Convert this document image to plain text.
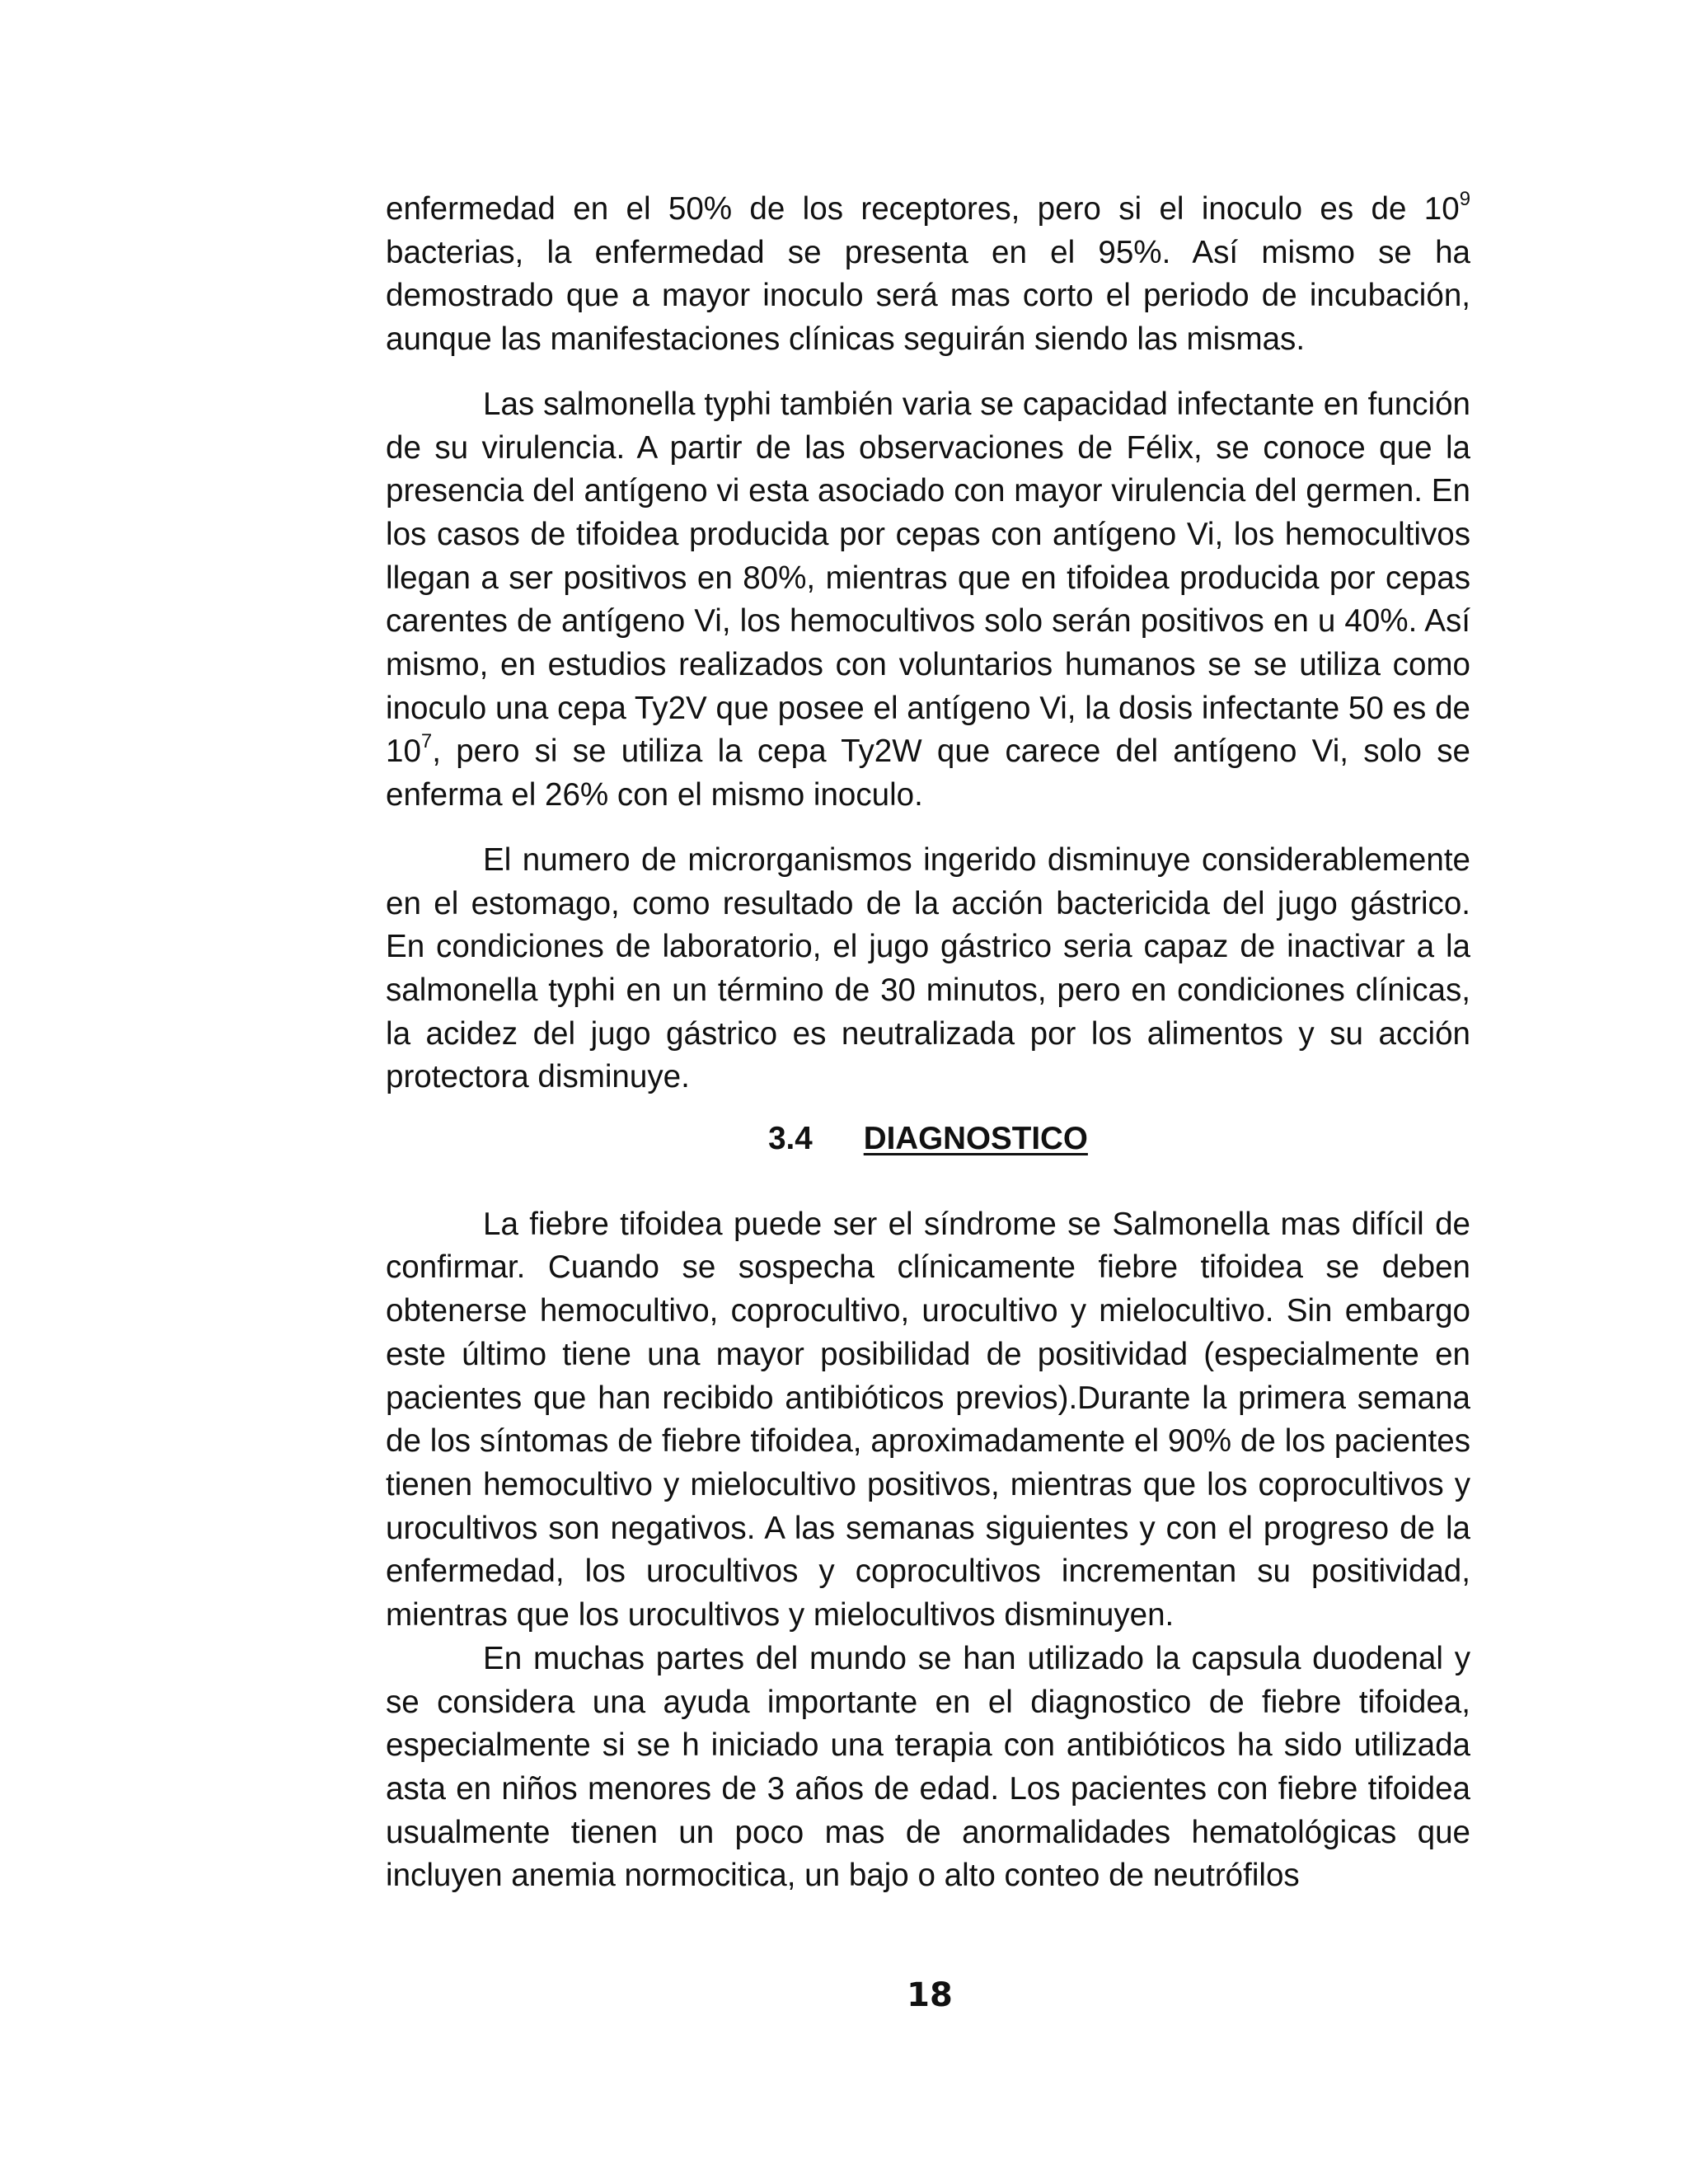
enfermedad en el 50% de los receptores, pero si el inoculo es de $10^9$ bacterias, la enfermedad se presenta en el 95%. Así mismo se ha demostrado que a mayor inoculo será mas corto el periodo de incubación, aunque las manifestaciones clínicas seguirán siendo las mismas.

Las salmonella typhi también varia se capacidad infectante en función de su virulencia. A partir de las observaciones de Félix, se conoce que la presencia del antígeno vi esta asociado con mayor virulencia del germen. En los casos de tifoidea producida por cepas con antígeno Vi, los hemocultivos llegan a ser positivos en 80%, mientras que en tifoidea producida por cepas carentes de antígeno Vi, los hemocultivos solo serán positivos en u 40%. Así mismo, en estudios realizados con voluntarios humanos se se utiliza como inoculo una cepa Ty2V que posee el antígeno Vi, la dosis infectante 50 es de $10^7$, pero si se utiliza la cepa Ty2W que carece del antígeno Vi, solo se enferma el 26% con el mismo inoculo.

El numero de microrganismos ingerido disminuye considerablemente en el estomago, como resultado de la acción bactericida del jugo gástrico. En condiciones de laboratorio, el jugo gástrico seria capaz de inactivar a la salmonella typhi en un término de 30 minutos, pero en condiciones clínicas, la acidez del jugo gástrico es neutralizada por los alimentos y su acción protectora disminuye.

3.4 DIAGNOSTICO

La fiebre tifoidea puede ser el síndrome se Salmonella mas difícil de confirmar. Cuando se sospecha clínicamente fiebre tifoidea se deben obtenerse hemocultivo, coprocultivo, urocultivo y mielocultivo. Sin embargo este último tiene una mayor posibilidad de positividad (especialmente en pacientes que han recibido antibióticos previos).Durante la primera semana de los síntomas de fiebre tifoidea, aproximadamente el 90% de los pacientes tienen hemocultivo y mielocultivo positivos, mientras que los coprocultivos y urocultivos son negativos. A las semanas siguientes y con el progreso de la enfermedad, los urocultivos y coprocultivos incrementan su positividad, mientras que los urocultivos y mielocultivos disminuyen.

En muchas partes del mundo se han utilizado la capsula duodenal y se considera una ayuda importante en el diagnostico de fiebre tifoidea, especialmente si se h iniciado una terapia con antibióticos ha sido utilizada asta en niños menores de 3 años de edad. Los pacientes con fiebre tifoidea usualmente tienen un poco mas de anormalidades hematológicas que incluyen anemia normocitica, un bajo o alto conteo de neutrófilos

18
